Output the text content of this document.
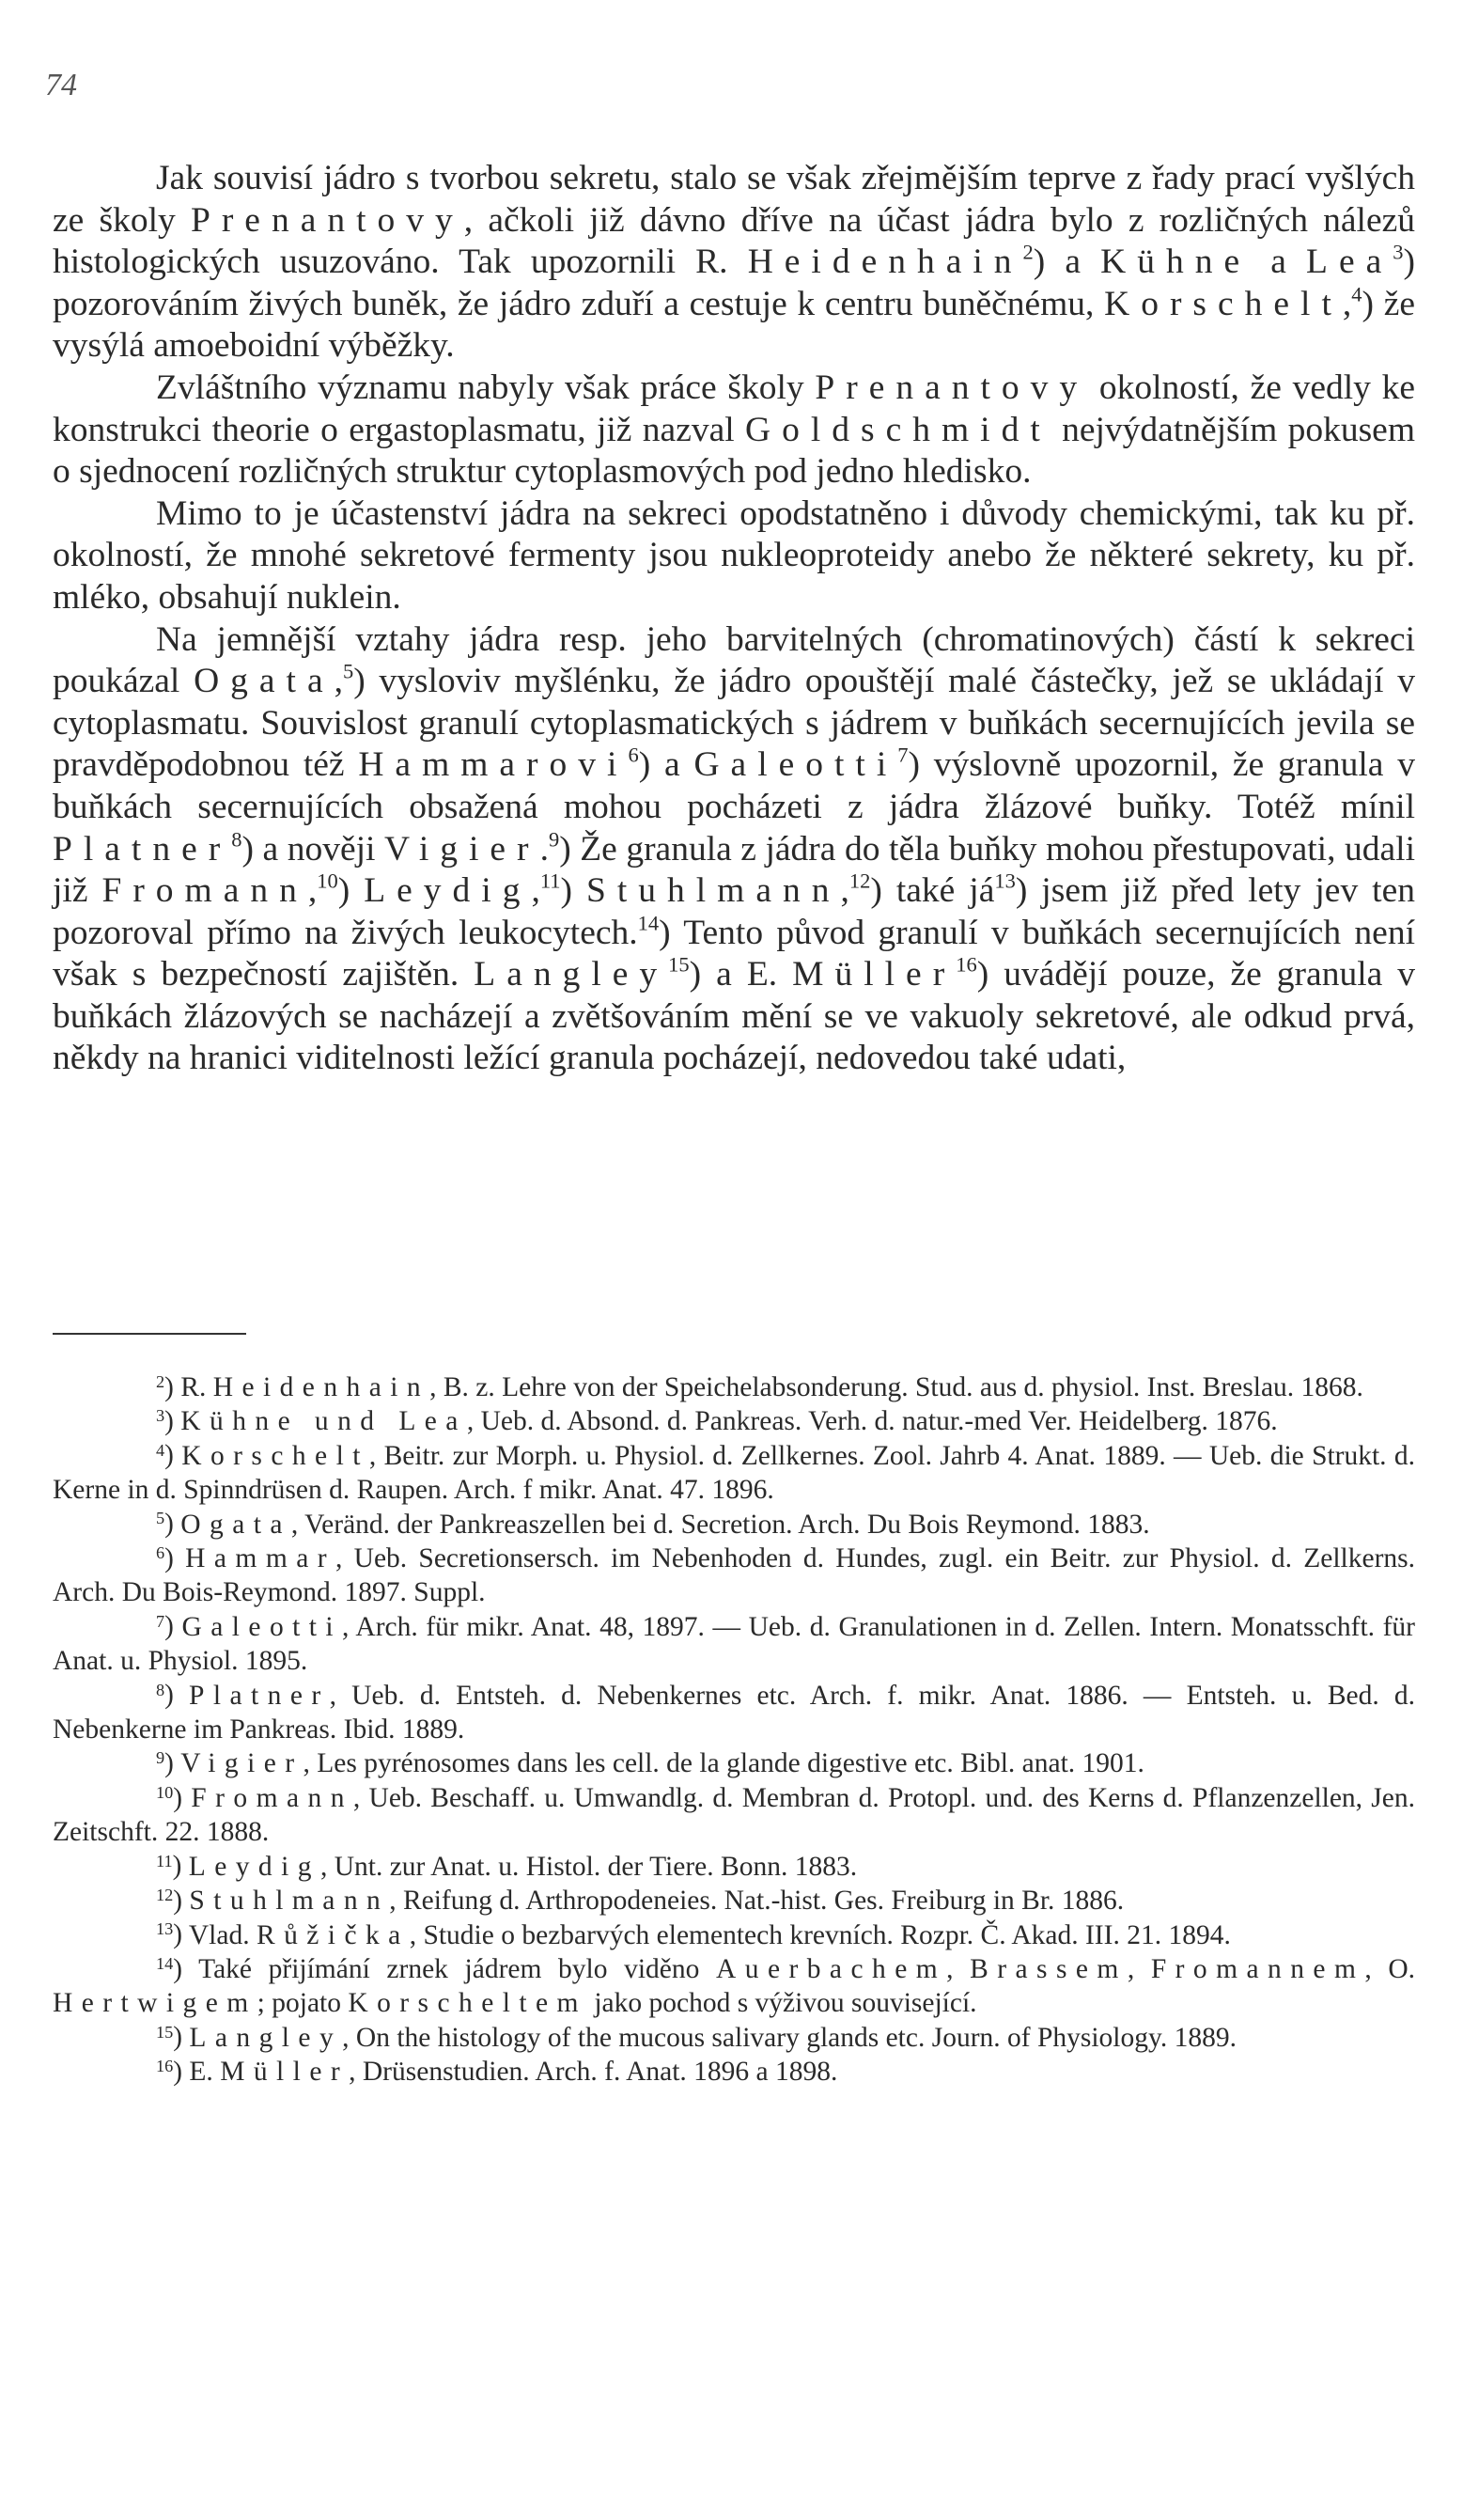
74

Jak souvisí jádro s tvorbou sekretu, stalo se však zřejmějším teprve z řady prací vyšlých ze školy Prenantovy, ačkoli již dávno dříve na účast jádra bylo z rozličných nálezů histologických usuzováno. Tak upozornili R. Heidenhain$^2$) a Kühne a Lea$^3$) pozorováním živých buněk, že jádro zduří a cestuje k centru buněčnému, Korschelt,$^4$) že vysýlá amoeboidní výběžky.

Zvláštního významu nabyly však práce školy Prenantovy okolností, že vedly ke konstrukci theorie o ergastoplasmatu, již nazval Goldschmidt nejvýdatnějším pokusem o sjednocení rozličných struktur cytoplasmových pod jedno hledisko.

Mimo to je účastenství jádra na sekreci opodstatněno i důvody chemickými, tak ku př. okolností, že mnohé sekretové fermenty jsou nukleoproteidy anebo že některé sekrety, ku př. mléko, obsahují nuklein.

Na jemnější vztahy jádra resp. jeho barvitelných (chromatinových) částí k sekreci poukázal Ogata,$^5$) vysloviv myšlénku, že jádro opouštějí malé částečky, jež se ukládají v cytoplasmatu. Souvislost granulí cytoplasmatických s jádrem v buňkách secernujících jevila se pravděpodobnou též Hammarovi$^6$) a Galeotti$^7$) výslovně upozornil, že granula v buňkách secernujících obsažená mohou pocházeti z jádra žlázové buňky. Totéž mínil Platner$^8$) a nověji Vigier.$^9$) Že granula z jádra do těla buňky mohou přestupovati, udali již Fromann,$^{10}$) Leydig,$^{11}$) Stuhlmann,$^{12}$) také $já^{13}$) jsem již před lety jev ten pozoroval přímo na živých leukocytech.$^{14}$) Tento původ granulí v buňkách secernujících není však s bezpečností zajištěn. Langley$^{15}$) a E. Müller$^{16}$) uvádějí pouze, že granula v buňkách žlázových se nacházejí a zvětšováním mění se ve vakuoly sekretové, ale odkud prvá, někdy na hranici viditelnosti ležící granula pocházejí, nedovedou také udati,

$^2$ ) R. Heidenhain, B. z. Lehre von der Speichelabsonderung. Stud. aus d. physiol. Inst. Breslau. 1868.
$^3$ ) Kühne und Lea, Ueb. d. Absond. d. Pankreas. Verh. d. natur.-med Ver. Heidelberg. 1876.
$^4$ ) Korschelt, Beitr. zur Morph. u. Physiol. d. Zellkernes. Zool. Jahrb 4. Anat. 1889. — Ueb. die Strukt. d. Kerne in d. Spinndrüsen d. Raupen. Arch. f mikr. Anat. 47. 1896.
$^5$ ) Ogata, Veränd. der Pankreaszellen bei d. Secretion. Arch. Du Bois Reymond. 1883.
$^6$ ) Hammar, Ueb. Secretionsersch. im Nebenhoden d. Hundes, zugl. ein Beitr. zur Physiol. d. Zellkerns. Arch. Du Bois-Reymond. 1897. Suppl.
$^7$ ) Galeotti, Arch. für mikr. Anat. 48, 1897. — Ueb. d. Granulationen in d. Zellen. Intern. Monatsschft. für Anat. u. Physiol. 1895.
$^8$ ) Platner, Ueb. d. Entsteh. d. Nebenkernes etc. Arch. f. mikr. Anat. 1886. — Entsteh. u. Bed. d. Nebenkerne im Pankreas. Ibid. 1889.
$^9$ ) Vigier, Les pyrénosomes dans les cell. de la glande digestive etc. Bibl. anat. 1901.
$^{10}$ ) Fromann, Ueb. Beschaff. u. Umwandlg. d. Membran d. Protopl. und. des Kerns d. Pflanzenzellen, Jen. Zeitschft. 22. 1888.
$^{11}$ ) Leydig, Unt. zur Anat. u. Histol. der Tiere. Bonn. 1883.
$^{12}$ ) Stuhlmann, Reifung d. Arthropodeneies. Nat.-hist. Ges. Freiburg in Br. 1886.
$^{13}$ ) Vlad. Růžička, Studie o bezbarvých elementech krevních. Rozpr. Č. Akad. III. 21. 1894.
$^{14}$ ) Také přijímání zrnek jádrem bylo viděno Auerbachem, Brassem, Fromannem, O. Hertwigem; pojato Korscheltem jako pochod s výživou související.
$^{15}$ ) Langley, On the histology of the mucous salivary glands etc. Journ. of Physiology. 1889.
$^{16}$ ) E. Müller, Drüsenstudien. Arch. f. Anat. 1896 a 1898.
